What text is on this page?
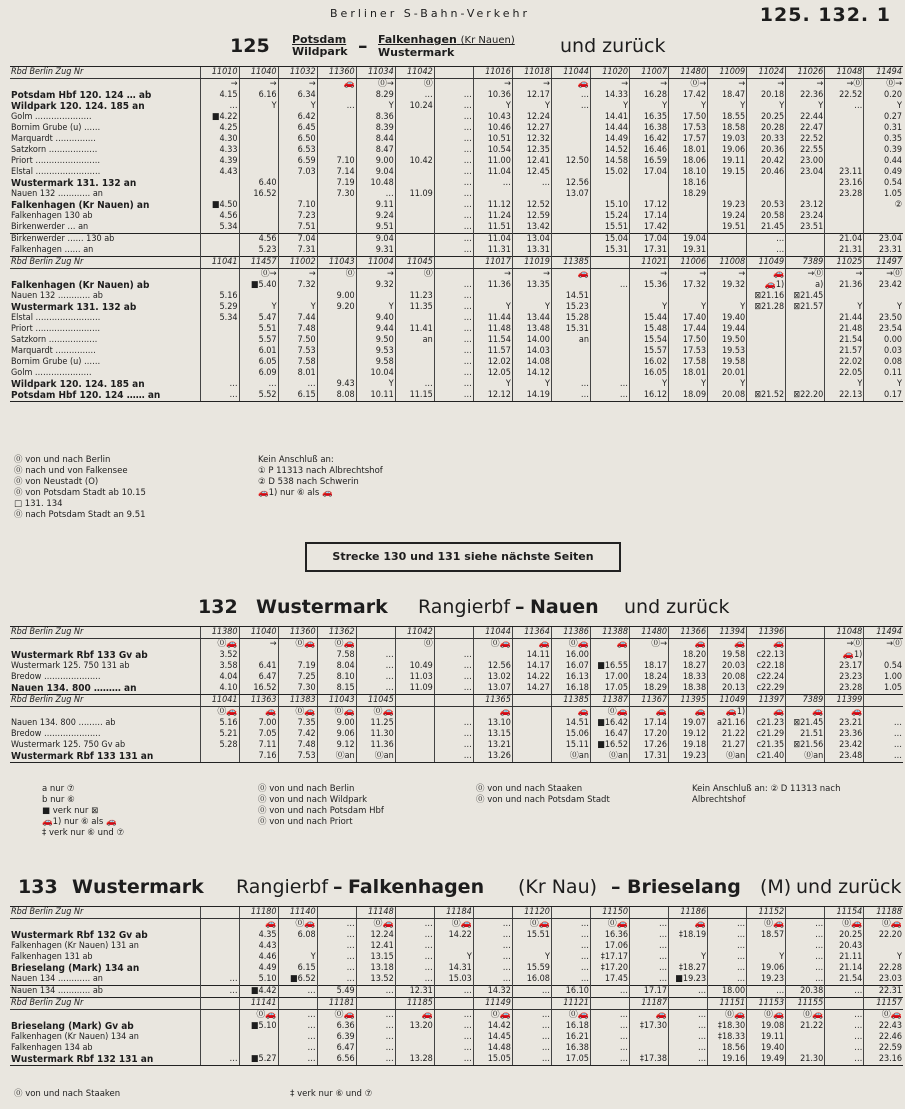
Berliner S-Bahn-Verkehr	125. 132. 1
125 Potsdam
Wildpark – Falkenhagen (Kr Nauen)
Wustermark	und zurück
Rbd Berlin Zug Nr	11010	11040	11032	11360	11034	11042		11016	11018	11044	11020	11007	11480	11009	11024	11026	11048	11494
	→	→	→	🚗	⓪→	⓪		→	→	🚗	→	→	⓪→	→	→	→	→⓪	⓪→
Potsdam Hbf 120. 124 … ab	4.15	6.16	6.34		8.29	…	…	10.36	12.17	…	14.33	16.28	17.42	18.47	20.18	22.36	22.52	0.20
Wildpark 120. 124. 185 an	…	Y	Y	…	Y	10.24	…	Y	Y	…	Y	Y	Y	Y	Y	Y	…	Y
Golm …………………	■4.22		6.42		8.36		…	10.43	12.24		14.41	16.35	17.50	18.55	20.25	22.44		0.27
Bornim Grube (u) ……	4.25		6.45		8.39		…	10.46	12.27		14.44	16.38	17.53	18.58	20.28	22.47		0.31
Marquardt ……………	4.30		6.50		8.44		…	10.51	12.32		14.49	16.42	17.57	19.03	20.33	22.52		0.35
Satzkorn ………………	4.33		6.53		8.47		…	10.54	12.35		14.52	16.46	18.01	19.06	20.36	22.55		0.39
Priort ……………………	4.39		6.59	7.10	9.00	10.42	…	11.00	12.41	12.50	14.58	16.59	18.06	19.11	20.42	23.00		0.44
Elstal ……………………	4.43		7.03	7.14	9.04		…	11.04	12.45		15.02	17.04	18.10	19.15	20.46	23.04	23.11	0.49
Wustermark 131. 132 an		6.40		7.19	10.48		…	…	…	12.56			18.16				23.16	0.54
Nauen 132 ………… an		16.52		7.30	…	11.09	…			13.07			18.29				23.28	1.05
Falkenhagen (Kr Nauen) an	■4.50		7.10		9.11		…	11.12	12.52		15.10	17.12		19.23	20.53	23.12		②
Falkenhagen 130 ab	4.56		7.23		9.24		…	11.24	12.59		15.24	17.14		19.24	20.58	23.24		
Birkenwerder … an	5.34		7.51		9.51		…	11.51	13.42		15.51	17.42		19.51	21.45	23.51		
Birkenwerder …… 130 ab		4.56	7.04		9.04		…	11.04	13.04		15.04	17.04	19.04		…		21.04	23.04
Falkenhagen …… an		5.23	7.31		9.31		…	11.31	13.31		15.31	17.31	19.31		…		21.31	23.31
Rbd Berlin Zug Nr	11041	11457	11002	11043	11004	11045		11017	11019	11385		11021	11006	11008	11049	7389	11025	11497
		⓪→	→	⓪	→	⓪		→	→	🚗		→	→	→	🚗	→⓪	→	→⓪
Falkenhagen (Kr Nauen) ab		■5.40	7.32		9.32		…	11.36	13.35		…	15.36	17.32	19.32	🚗1)	a)	21.36	23.42
Nauen 132 ………… ab	5.16			9.00		11.23	…			14.51					⊠21.16	⊠21.45		
Wustermark 131. 132 ab	5.29	Y	Y	9.20	Y	11.35	…	Y	Y	15.23		Y	Y	Y	⊠21.28	⊠21.57	Y	Y
Elstal ……………………	5.34	5.47	7.44		9.40		…	11.44	13.44	15.28		15.44	17.40	19.40			21.44	23.50
Priort ……………………		5.51	7.48		9.44	11.41	…	11.48	13.48	15.31		15.48	17.44	19.44			21.48	23.54
Satzkorn ………………		5.57	7.50		9.50	an	…	11.54	14.00	an		15.54	17.50	19.50			21.54	0.00
Marquardt ……………		6.01	7.53		9.53		…	11.57	14.03			15.57	17.53	19.53			21.57	0.03
Bornim Grube (u) ……		6.05	7.58		9.58		…	12.02	14.08			16.02	17.58	19.58			22.02	0.08
Golm …………………		6.09	8.01		10.04		…	12.05	14.12			16.05	18.01	20.01			22.05	0.11
Wildpark 120. 124. 185 an	…	…	…	9.43	Y	…	…	Y	Y	…	…	Y	Y	Y			Y	Y
Potsdam Hbf 120. 124 …… an	…	5.52	6.15	8.08	10.11	11.15	…	12.12	14.19	…	…	16.12	18.09	20.08	⊠21.52	⊠22.20	22.13	0.17
⓪ von und nach Berlin
⓪ nach und von Falkensee
⓪ von Neustadt (O)
⓪ von Potsdam Stadt ab 10.15
□ 131. 134
⓪ nach Potsdam Stadt an 9.51
Kein Anschluß an:
① P 11313 nach Albrechtshof
② D 538 nach Schwerin
🚗1) nur ⑥ als 🚗
Strecke 130 und 131 siehe nächste Seiten
132 Wustermark Rangierbf – Nauen und zurück
Rbd Berlin Zug Nr	11380	11040	11360	11362		11042		11044	11364	11386	11388	11480	11366	11394	11396		11048	11494
	⓪🚗	→	⓪🚗	⓪🚗		⓪		⓪🚗	🚗	⓪🚗	🚗	⓪→	🚗	🚗	🚗		→⓪	→⓪
Wustermark Rbf 133 Gv ab	3.52			7.58	…		…		14.11	16.00			18.20	19.58	c22.13		🚗1)	
Wustermark 125. 750 131 ab	3.58	6.41	7.19	8.04	…	10.49	…	12.56	14.17	16.07	■16.55	18.17	18.27	20.03	c22.18		23.17	0.54
Bredow …………………	4.04	6.47	7.25	8.10	…	11.03	…	13.02	14.22	16.13	17.00	18.24	18.33	20.08	c22.24		23.23	1.00
Nauen 134. 800 ……… an	4.10	16.52	7.30	8.15	…	11.09	…	13.07	14.27	16.18	17.05	18.29	18.38	20.13	c22.29		23.28	1.05
Rbd Berlin Zug Nr	11041	11363	11383	11043	11045			11365		11385	11387	11367	11395	11049	11397	7389	11399	
	⓪🚗	🚗	⓪🚗	⓪🚗	⓪🚗			🚗		🚗	⓪🚗	🚗	🚗	🚗1)	🚗	🚗	🚗	
Nauen 134. 800 ……… ab	5.16	7.00	7.35	9.00	11.25		…	13.10		14.51	■16.42	17.14	19.07	a21.16	c21.23	⊠21.45	23.21	…
Bredow …………………	5.21	7.05	7.42	9.06	11.30		…	13.15		15.06	16.47	17.20	19.12	21.22	c21.29	21.51	23.36	…
Wustermark 125. 750 Gv ab	5.28	7.11	7.48	9.12	11.36		…	13.21		15.11	■16.52	17.26	19.18	21.27	c21.35	⊠21.56	23.42	…
Wustermark Rbf 133 131 an		7.16	7.53	⓪an	⓪an		…	13.26		⓪an	⓪an	17.31	19.23	⓪an	c21.40	⓪an	23.48	…
a nur ⑦
b nur ⑥
■ verk nur ⊠
🚗1) nur ⑥ als 🚗
‡ verk nur ⑥ und ⑦
⓪ von und nach Berlin
⓪ von und nach Wildpark
⓪ von und nach Potsdam Hbf
⓪ von und nach Priort
⓪ von und nach Staaken
⓪ von und nach Potsdam Stadt
Kein Anschluß an: ② D 11313 nach
Albrechtshof
133 Wustermark Rangierbf – Falkenhagen (Kr Nau) – Brieselang (M) und zurück
Rbd Berlin Zug Nr		11180	11140		11148		11184		11120		11150		11186		11152		11154	11188
		🚗	⓪🚗	…	⓪🚗	…	⓪🚗	…	⓪🚗	…	⓪🚗	…	🚗	…	⓪🚗	…	⓪🚗	⓪🚗
Wustermark Rbf 132 Gv ab		4.35	6.08	…	12.24	…	14.22	…	15.51	…	16.36	…	‡18.19	…	18.57	…	20.25	22.20
Falkenhagen (Kr Nauen) 131 an		4.43		…	12.41	…		…		…	17.06	…		…		…	20.43	
Falkenhagen 131 ab		4.46	Y	…	13.15	…	Y	…	Y	…	‡17.17	…	Y	…	Y	…	21.11	Y
Brieselang (Mark) 134 an		4.49	6.15	…	13.18	…	14.31	…	15.59	…	‡17.20	…	‡18.27	…	19.06	…	21.14	22.28
Nauen 134 ………… an	…	5.10	■6.52	…	13.52	…	15.03	…	16.08	…	17.45	…	■19.23	…	19.23	…	21.54	23.03
Nauen 134 ………… ab	…	■4.42	…	5.49	…	12.31	…	14.32	…	16.10	…	17.17	…	18.00	…	20.38	…	22.31
Rbd Berlin Zug Nr		11141		11181		11185		11149		11121		11187		11151	11153	11155		11157
		⓪🚗	…	⓪🚗	…	🚗	…	⓪🚗	…	⓪🚗	…	🚗	…	⓪🚗	⓪🚗	⓪🚗	…	⓪🚗
Brieselang (Mark) Gv ab		■5.10	…	6.36	…	13.20	…	14.42	…	16.18	…	‡17.30	…	‡18.30	19.08	21.22	…	22.43
Falkenhagen (Kr Nauen) 134 an			…	6.39	…		…	14.45	…	16.21	…		…	‡18.33	19.11		…	22.46
Falkenhagen 134 ab			…	6.47	…		…	14.48	…	16.38	…		…	18.56	19.40		…	22.59
Wustermark Rbf 132 131 an	…	■5.27	…	6.56	…	13.28	…	15.05	…	17.05	…	‡17.38	…	19.16	19.49	21.30	…	23.16
⓪ von und nach Staaken	‡ verk nur ⑥ und ⑦
